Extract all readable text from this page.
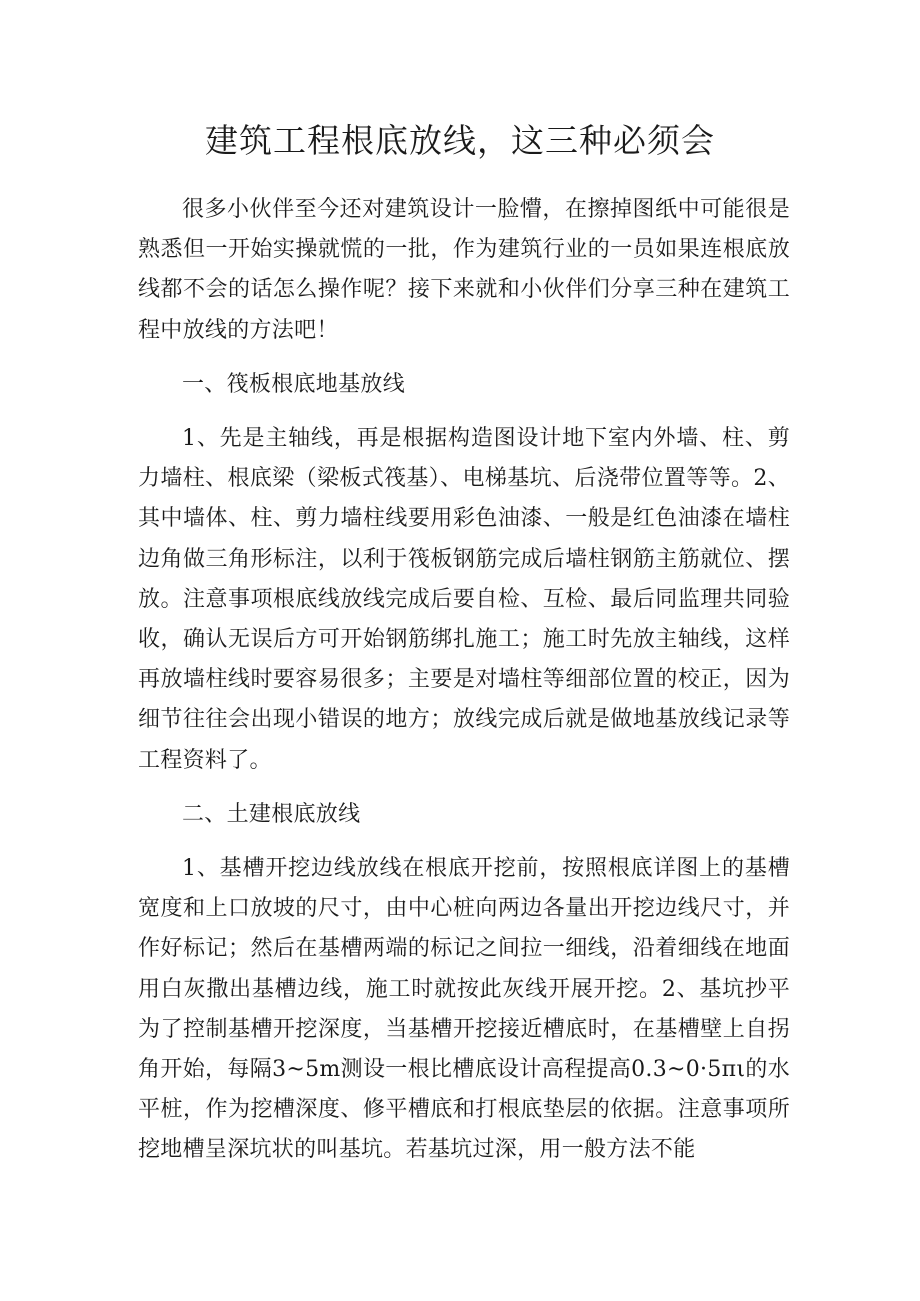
建筑工程根底放线，这三种必须会

很多小伙伴至今还对建筑设计一脸懵，在擦掉图纸中可能很是熟悉但一开始实操就慌的一批，作为建筑行业的一员如果连根底放线都不会的话怎么操作呢？接下来就和小伙伴们分享三种在建筑工程中放线的方法吧！

一、筏板根底地基放线

1、先是主轴线，再是根据构造图设计地下室内外墙、柱、剪力墙柱、根底梁（梁板式筏基）、电梯基坑、后浇带位置等等。2、其中墙体、柱、剪力墙柱线要用彩色油漆、一般是红色油漆在墙柱边角做三角形标注，以利于筏板钢筋完成后墙柱钢筋主筋就位、摆放。注意事项根底线放线完成后要自检、互检、最后同监理共同验收，确认无误后方可开始钢筋绑扎施工；施工时先放主轴线，这样再放墙柱线时要容易很多；主要是对墙柱等细部位置的校正，因为细节往往会出现小错误的地方；放线完成后就是做地基放线记录等工程资料了。

二、土建根底放线

1、基槽开挖边线放线在根底开挖前，按照根底详图上的基槽宽度和上口放坡的尺寸，由中心桩向两边各量出开挖边线尺寸，并作好标记；然后在基槽两端的标记之间拉一细线，沿着细线在地面用白灰撒出基槽边线，施工时就按此灰线开展开挖。2、基坑抄平为了控制基槽开挖深度，当基槽开挖接近槽底时，在基槽壁上自拐角开始，每隔3~5m测设一根比槽底设计高程提高0.3~0·5πι的水平桩，作为挖槽深度、修平槽底和打根底垫层的依据。注意事项所挖地槽呈深坑状的叫基坑。若基坑过深，用一般方法不能
